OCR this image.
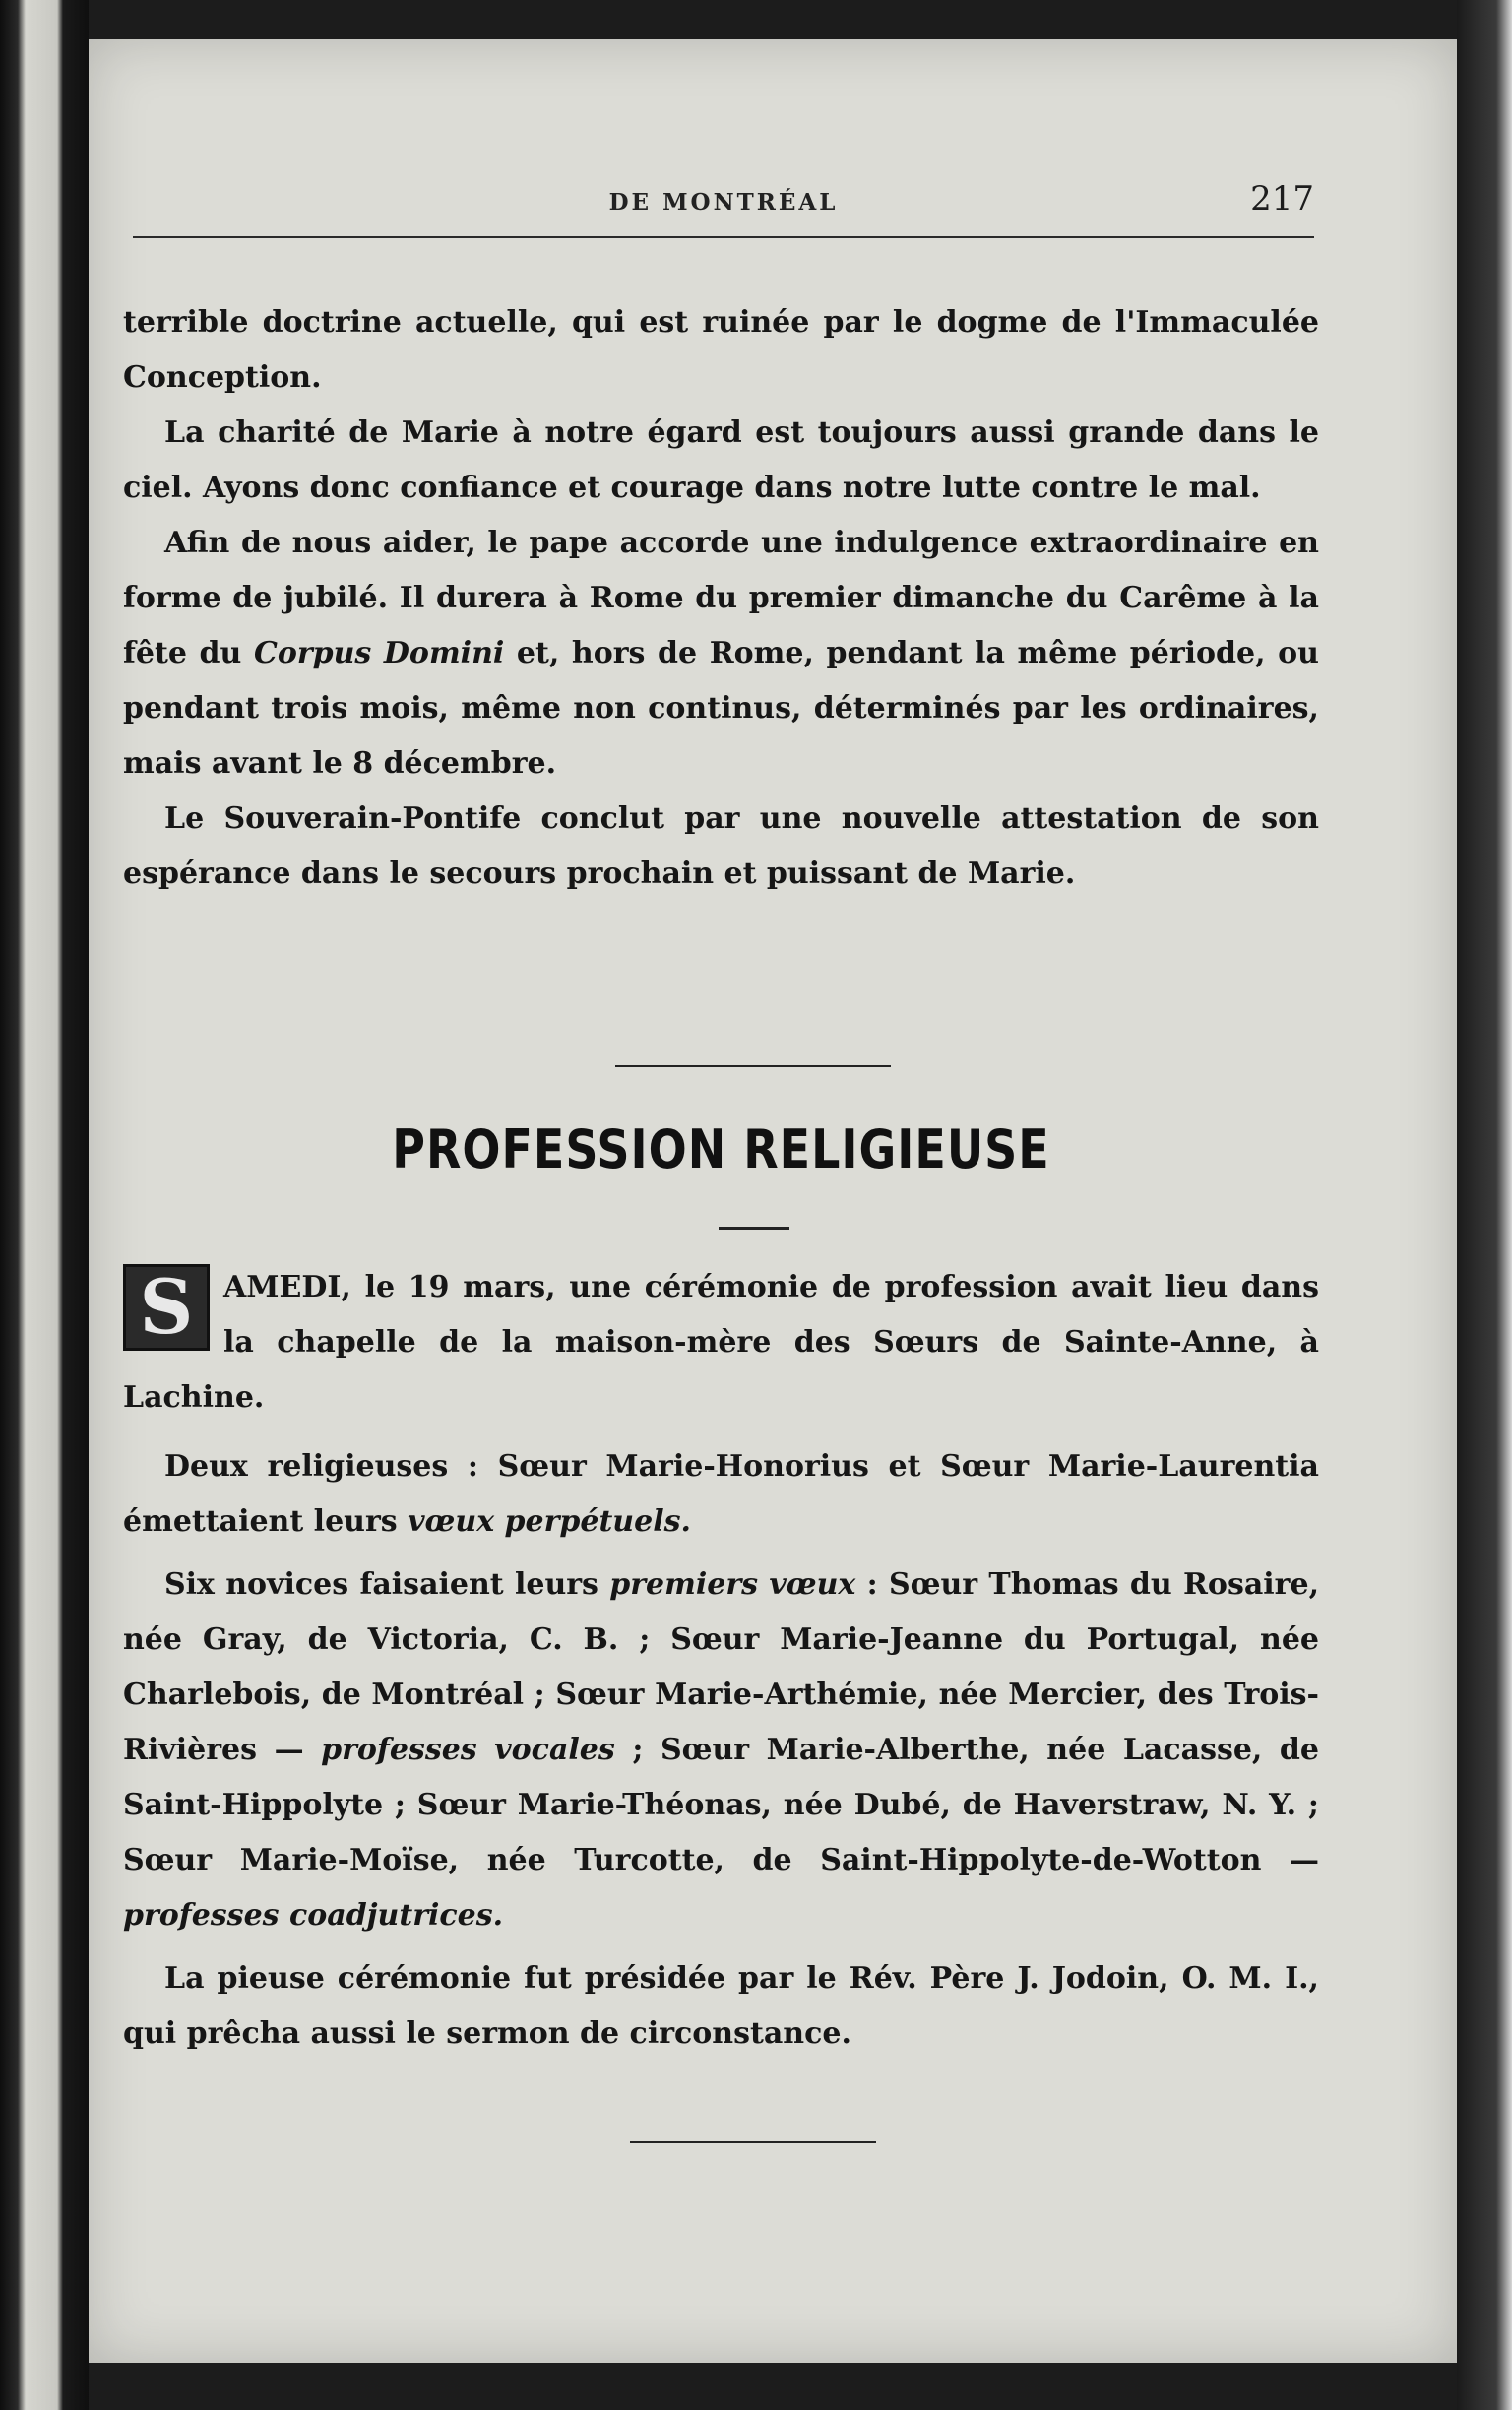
DE MONTRÉAL	217

terrible doctrine actuelle, qui est ruinée par le dogme de l'Immaculée Conception.

La charité de Marie à notre égard est toujours aussi grande dans le ciel. Ayons donc confiance et courage dans notre lutte contre le mal.

Afin de nous aider, le pape accorde une indulgence extraordinaire en forme de jubilé. Il durera à Rome du premier dimanche du Carême à la fête du Corpus Domini et, hors de Rome, pendant la même période, ou pendant trois mois, même non continus, déterminés par les ordinaires, mais avant le 8 décembre.

Le Souverain-Pontife conclut par une nouvelle attestation de son espérance dans le secours prochain et puissant de Marie.

PROFESSION RELIGIEUSE

S AMEDI, le 19 mars, une cérémonie de profession avait lieu dans la chapelle de la maison-mère des Sœurs de Sainte-Anne, à Lachine.

Deux religieuses : Sœur Marie-Honorius et Sœur Marie-Laurentia émettaient leurs vœux perpétuels.

Six novices faisaient leurs premiers vœux : Sœur Thomas du Rosaire, née Gray, de Victoria, C. B. ; Sœur Marie-Jeanne du Portugal, née Charlebois, de Montréal ; Sœur Marie-Arthémie, née Mercier, des Trois-Rivières — professes vocales ; Sœur Marie-Alberthe, née Lacasse, de Saint-Hippolyte ; Sœur Marie-Théonas, née Dubé, de Haverstraw, N. Y. ; Sœur Marie-Moïse, née Turcotte, de Saint-Hippolyte-de-Wotton — professes coadjutrices.

La pieuse cérémonie fut présidée par le Rév. Père J. Jodoin, O. M. I., qui prêcha aussi le sermon de circonstance.
